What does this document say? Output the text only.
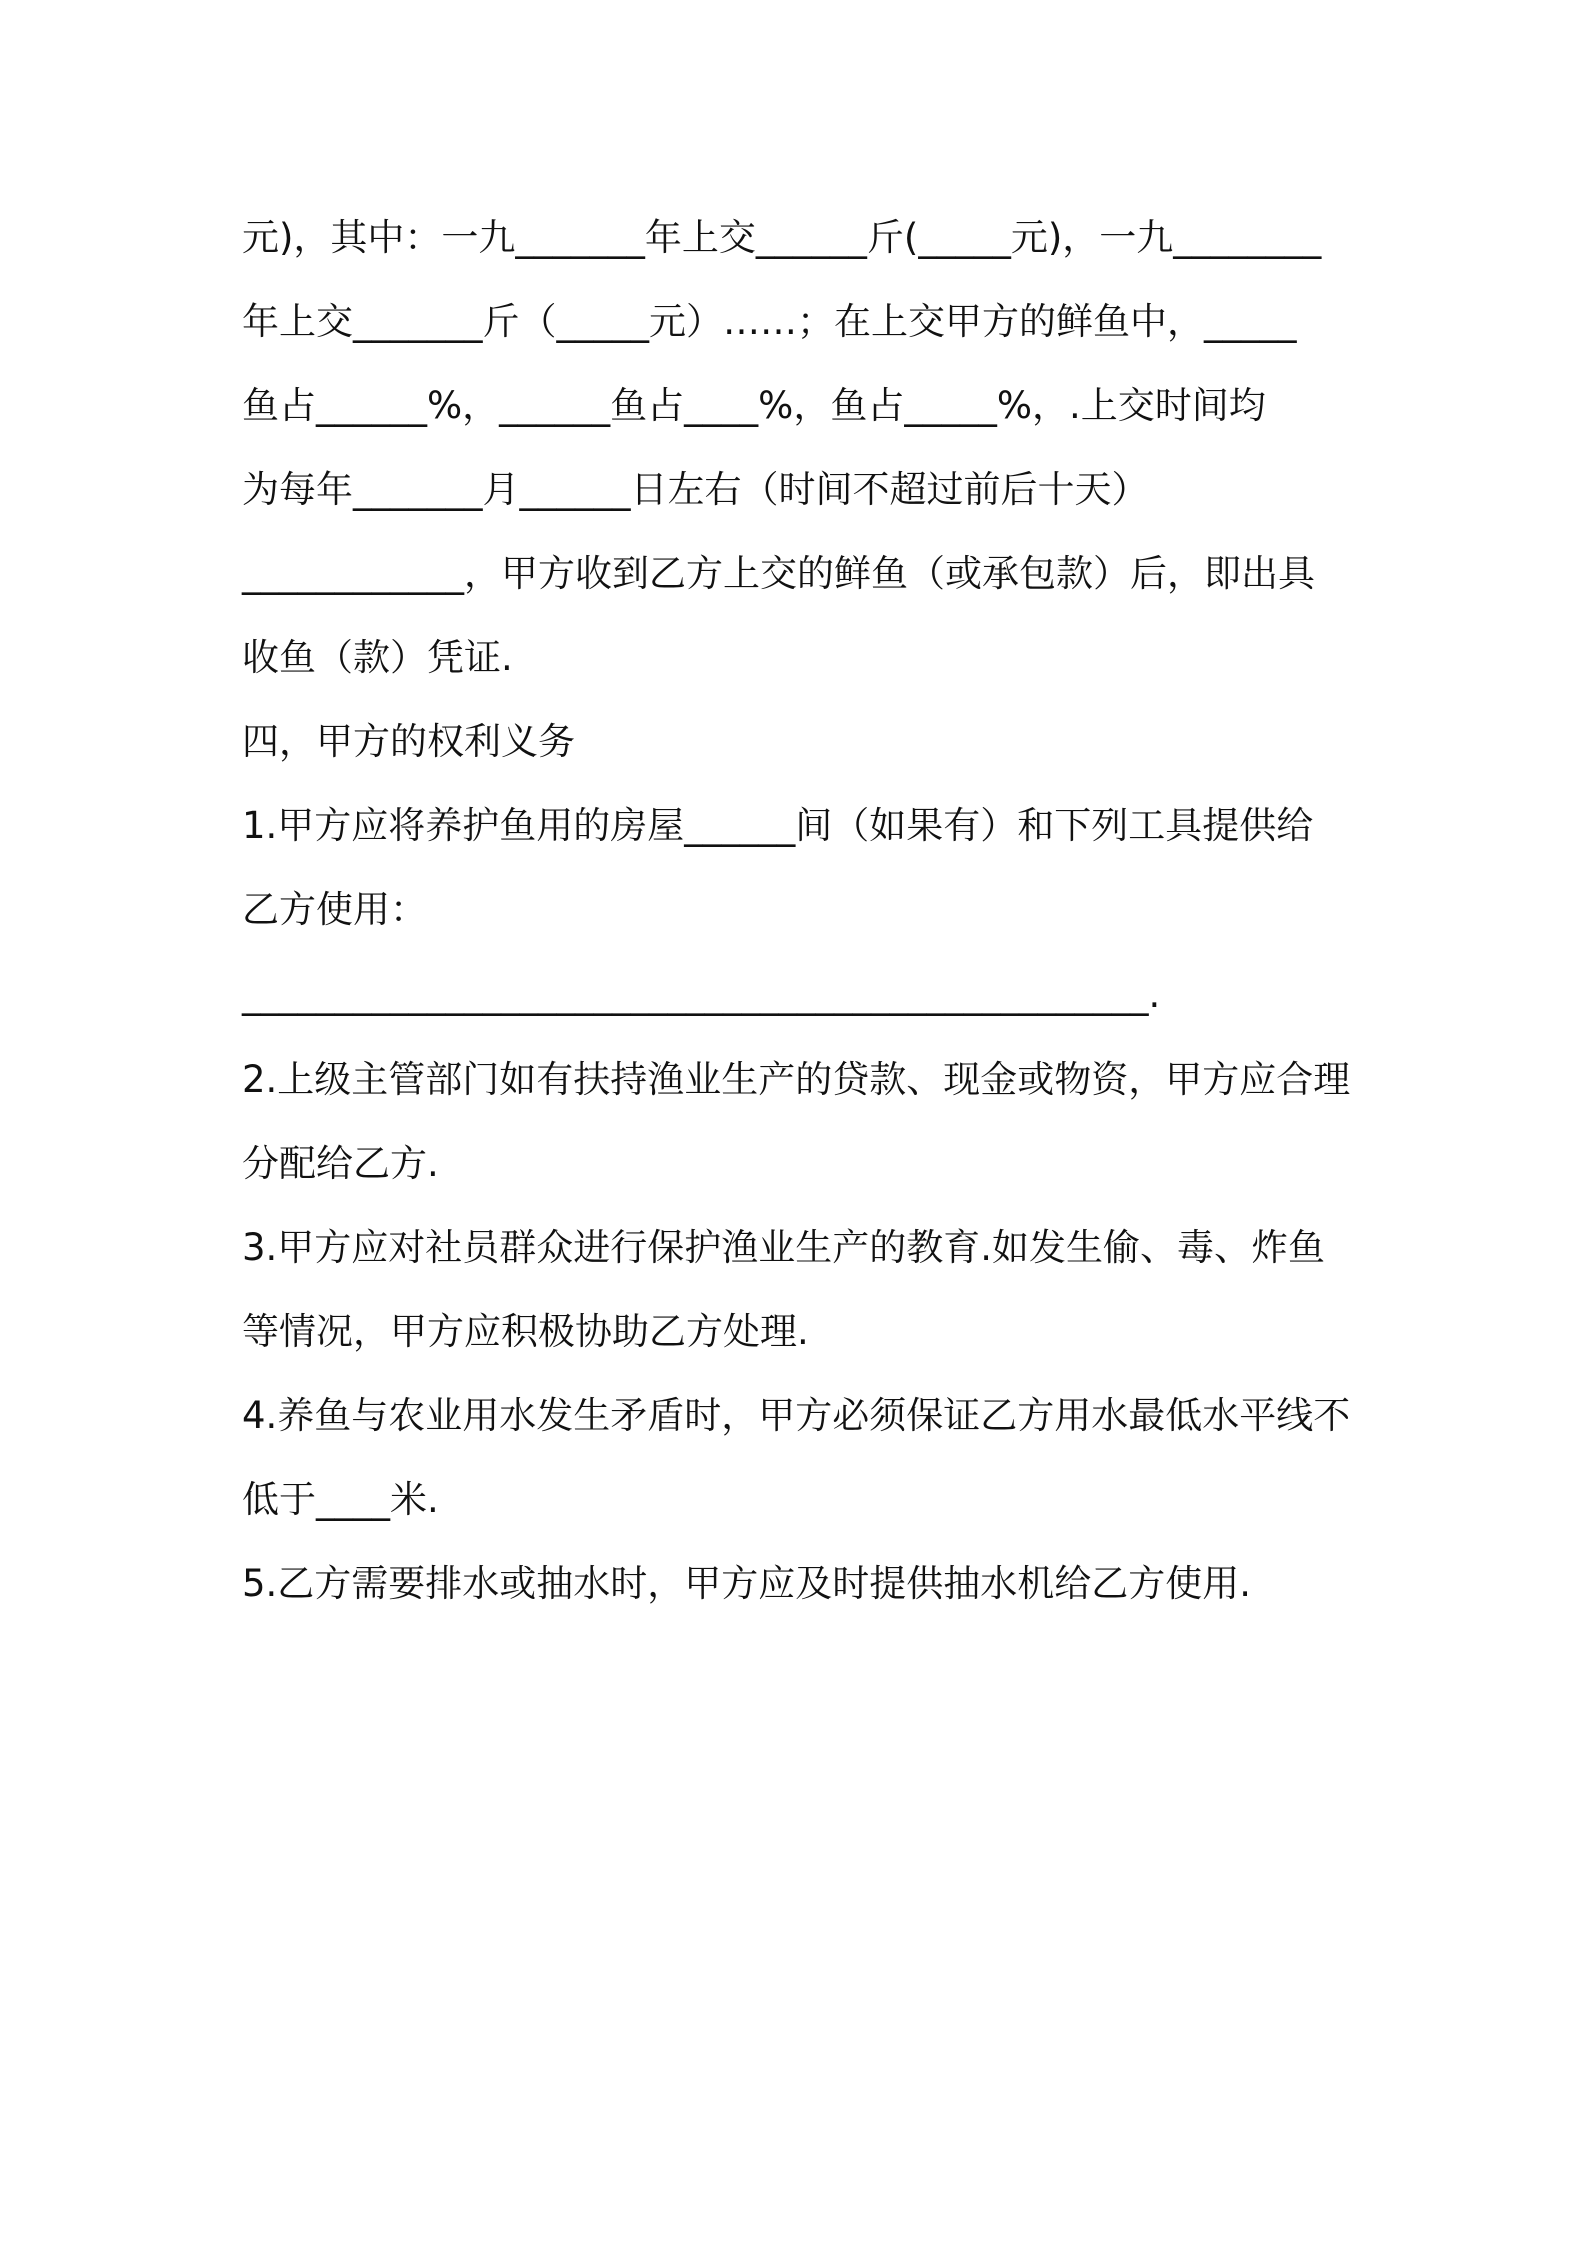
元)，其中：一九_______年上交______斤(_____元)，一九________
年上交_______斤（_____元）……；在上交甲方的鲜鱼中，_____
鱼占______%，______鱼占____%，鱼占_____%，.上交时间均
为每年_______月______日左右（时间不超过前后十天）
____________，甲方收到乙方上交的鲜鱼（或承包款）后，即出具
收鱼（款）凭证.
四，甲方的权利义务
1.甲方应将养护鱼用的房屋______间（如果有）和下列工具提供给
乙方使用：
_________________________________________________.
2.上级主管部门如有扶持渔业生产的贷款、现金或物资，甲方应合理
分配给乙方.
3.甲方应对社员群众进行保护渔业生产的教育.如发生偷、毒、炸鱼
等情况，甲方应积极协助乙方处理.
4.养鱼与农业用水发生矛盾时，甲方必须保证乙方用水最低水平线不
低于____米.
5.乙方需要排水或抽水时，甲方应及时提供抽水机给乙方使用.
